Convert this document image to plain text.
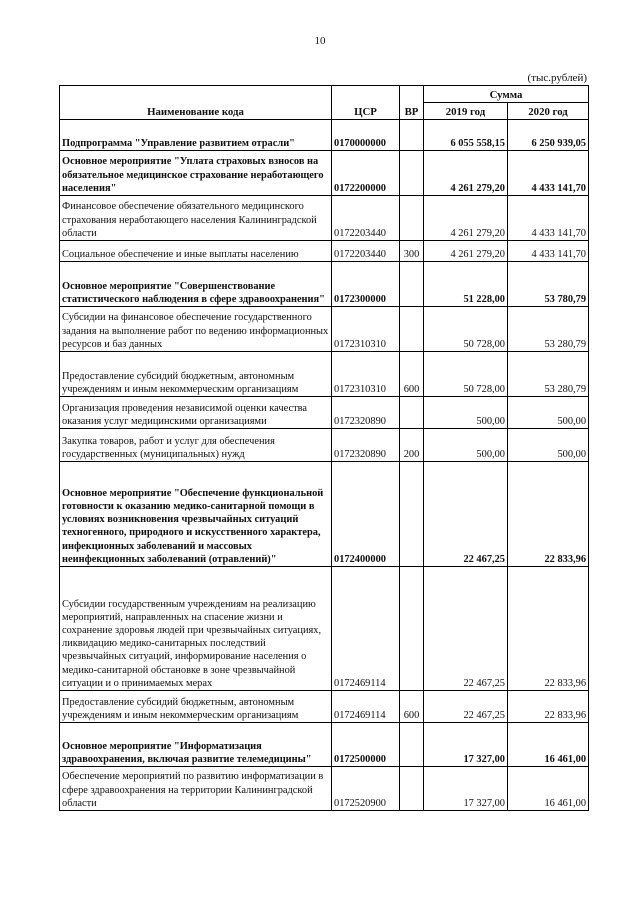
10
(тыс.рублей)
Наименование кода	ЦСР	ВР	Сумма	
			2019 год	2020 год
Подпрограмма "Управление развитием отрасли"	0170000000		6 055 558,15	6 250 939,05
Основное мероприятие "Уплата страховых взносов на обязательное медицинское страхование неработающего населения"	0172200000		4 261 279,20	4 433 141,70
Финансовое обеспечение обязательного медицинского страхования неработающего населения Калининградской области	0172203440		4 261 279,20	4 433 141,70
Социальное обеспечение и иные выплаты населению	0172203440	300	4 261 279,20	4 433 141,70
Основное мероприятие "Совершенствование статистического наблюдения в сфере здравоохранения"	0172300000		51 228,00	53 780,79
Субсидии на финансовое обеспечение государственного задания на выполнение работ по ведению информационных ресурсов и баз данных	0172310310		50 728,00	53 280,79
Предоставление субсидий бюджетным, автономным учреждениям и иным некоммерческим организациям	0172310310	600	50 728,00	53 280,79
Организация проведения независимой оценки качества оказания услуг медицинскими организациями	0172320890		500,00	500,00
Закупка товаров, работ и услуг для обеспечения государственных (муниципальных) нужд	0172320890	200	500,00	500,00
Основное мероприятие "Обеспечение функциональной готовности к оказанию медико-санитарной помощи в условиях возникновения чрезвычайных ситуаций техногенного, природного и искусственного характера, инфекционных заболеваний и массовых неинфекционных заболеваний (отравлений)"	0172400000		22 467,25	22 833,96
Субсидии государственным учреждениям на реализацию мероприятий, направленных на спасение жизни и сохранение здоровья людей при чрезвычайных ситуациях, ликвидацию медико-санитарных последствий чрезвычайных ситуаций, информирование населения о медико-санитарной обстановке в зоне чрезвычайной ситуации и о принимаемых мерах	0172469114		22 467,25	22 833,96
Предоставление субсидий бюджетным, автономным учреждениям и иным некоммерческим организациям	0172469114	600	22 467,25	22 833,96
Основное мероприятие "Информатизация здравоохранения, включая развитие телемедицины"	0172500000		17 327,00	16 461,00
Обеспечение мероприятий по развитию информатизации в сфере здравоохранения на территории Калининградской области	0172520900		17 327,00	16 461,00
